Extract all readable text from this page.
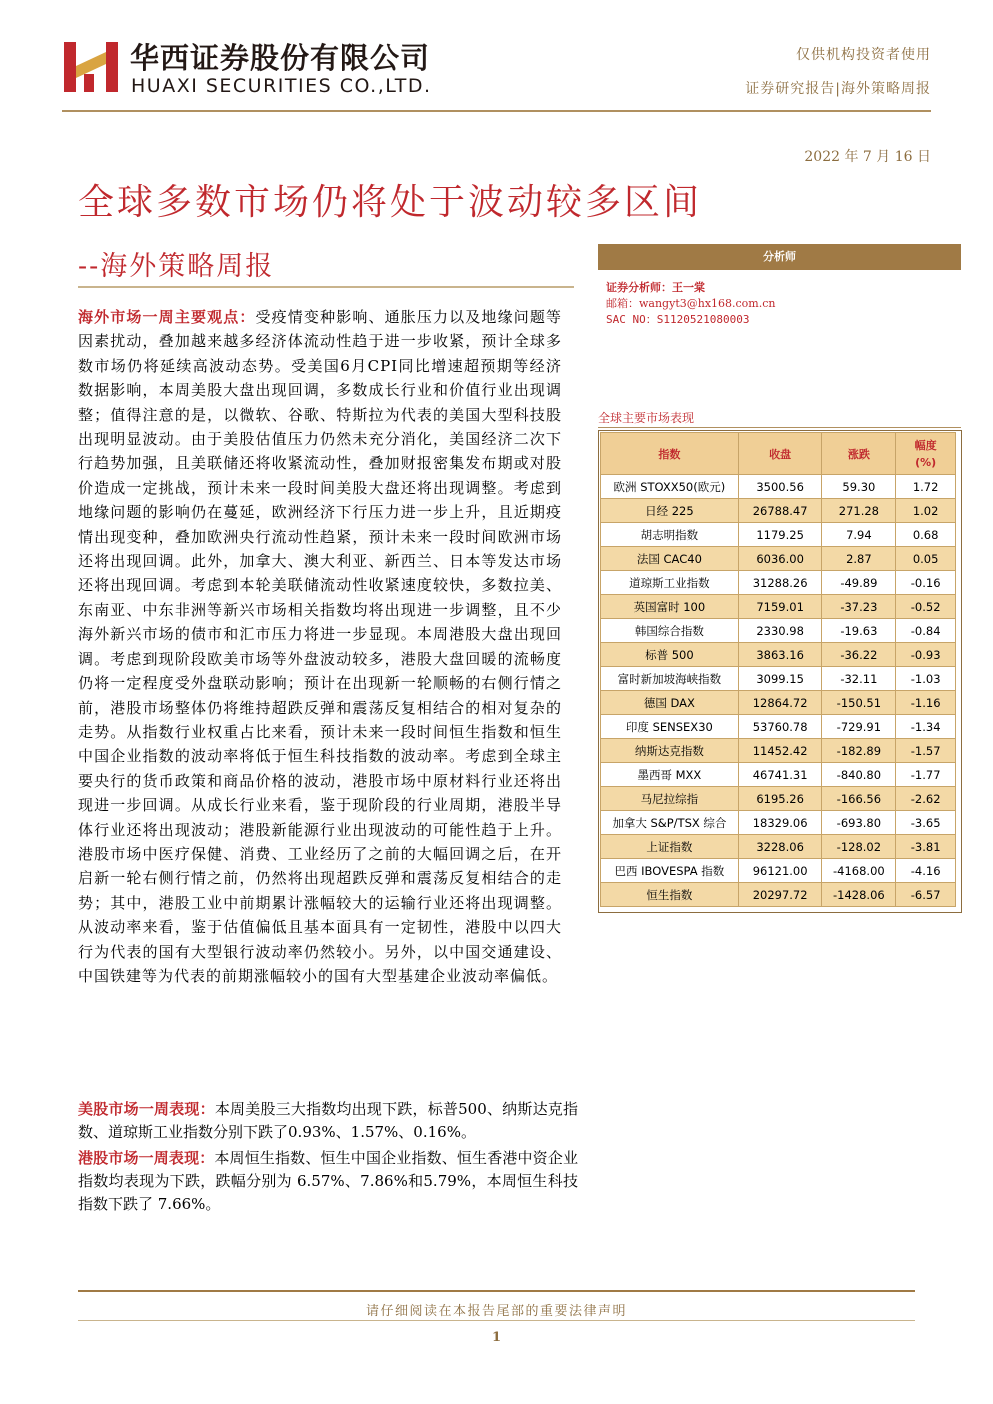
华西证券股份有限公司
HUAXI SECURITIES CO.,LTD.
仅供机构投资者使用
证券研究报告|海外策略周报
2022 年 7 月 16 日
全球多数市场仍将处于波动较多区间
--海外策略周报	分析师
证券分析师：王一棠
邮箱：wangyt3@hx168.com.cn
SAC NO：S1120521080003
海外市场一周主要观点：受疫情变种影响、通胀压力以及地缘问题等因素扰动，叠加越来越多经济体流动性趋于进一步收紧，预计全球多数市场仍将延续高波动态势。受美国6月CPI同比增速超预期等经济数据影响，本周美股大盘出现回调，多数成长行业和价值行业出现调整；值得注意的是，以微软、谷歌、特斯拉为代表的美国大型科技股出现明显波动。由于美股估值压力仍然未充分消化，美国经济二次下行趋势加强，且美联储还将收紧流动性，叠加财报密集发布期或对股价造成一定挑战，预计未来一段时间美股大盘还将出现调整。考虑到地缘问题的影响仍在蔓延，欧洲经济下行压力进一步上升，且近期疫情出现变种，叠加欧洲央行流动性趋紧，预计未来一段时间欧洲市场还将出现回调。此外，加拿大、澳大利亚、新西兰、日本等发达市场还将出现回调。考虑到本轮美联储流动性收紧速度较快，多数拉美、东南亚、中东非洲等新兴市场相关指数均将出现进一步调整，且不少海外新兴市场的债市和汇市压力将进一步显现。本周港股大盘出现回调。考虑到现阶段欧美市场等外盘波动较多，港股大盘回暖的流畅度仍将一定程度受外盘联动影响；预计在出现新一轮顺畅的右侧行情之前，港股市场整体仍将维持超跌反弹和震荡反复相结合的相对复杂的走势。从指数行业权重占比来看，预计未来一段时间恒生指数和恒生中国企业指数的波动率将低于恒生科技指数的波动率。考虑到全球主要央行的货币政策和商品价格的波动，港股市场中原材料行业还将出现进一步回调。从成长行业来看，鉴于现阶段的行业周期，港股半导体行业还将出现波动；港股新能源行业出现波动的可能性趋于上升。港股市场中医疗保健、消费、工业经历了之前的大幅回调之后，在开启新一轮右侧行情之前，仍然将出现超跌反弹和震荡反复相结合的走势；其中，港股工业中前期累计涨幅较大的运输行业还将出现调整。从波动率来看，鉴于估值偏低且基本面具有一定韧性，港股中以四大行为代表的国有大型银行波动率仍然较小。另外，以中国交通建设、中国铁建等为代表的前期涨幅较小的国有大型基建企业波动率偏低。
美股市场一周表现：本周美股三大指数均出现下跌，标普500、纳斯达克指数、道琼斯工业指数分别下跌了0.93%、1.57%、0.16%。
港股市场一周表现：本周恒生指数、恒生中国企业指数、恒生香港中资企业指数均表现为下跌，跌幅分别为 6.57%、7.86%和5.79%，本周恒生科技指数下跌了 7.66%。
全球主要市场表现
指数	收盘	涨跌	幅度
(%)
欧洲 STOXX50(欧元)	3500.56	59.30	1.72
日经 225	26788.47	271.28	1.02
胡志明指数	1179.25	7.94	0.68
法国 CAC40	6036.00	2.87	0.05
道琼斯工业指数	31288.26	-49.89	-0.16
英国富时 100	7159.01	-37.23	-0.52
韩国综合指数	2330.98	-19.63	-0.84
标普 500	3863.16	-36.22	-0.93
富时新加坡海峡指数	3099.15	-32.11	-1.03
德国 DAX	12864.72	-150.51	-1.16
印度 SENSEX30	53760.78	-729.91	-1.34
纳斯达克指数	11452.42	-182.89	-1.57
墨西哥 MXX	46741.31	-840.80	-1.77
马尼拉综指	6195.26	-166.56	-2.62
加拿大 S&P/TSX 综合	18329.06	-693.80	-3.65
上证指数	3228.06	-128.02	-3.81
巴西 IBOVESPA 指数	96121.00	-4168.00	-4.16
恒生指数	20297.72	-1428.06	-6.57
请仔细阅读在本报告尾部的重要法律声明
1
